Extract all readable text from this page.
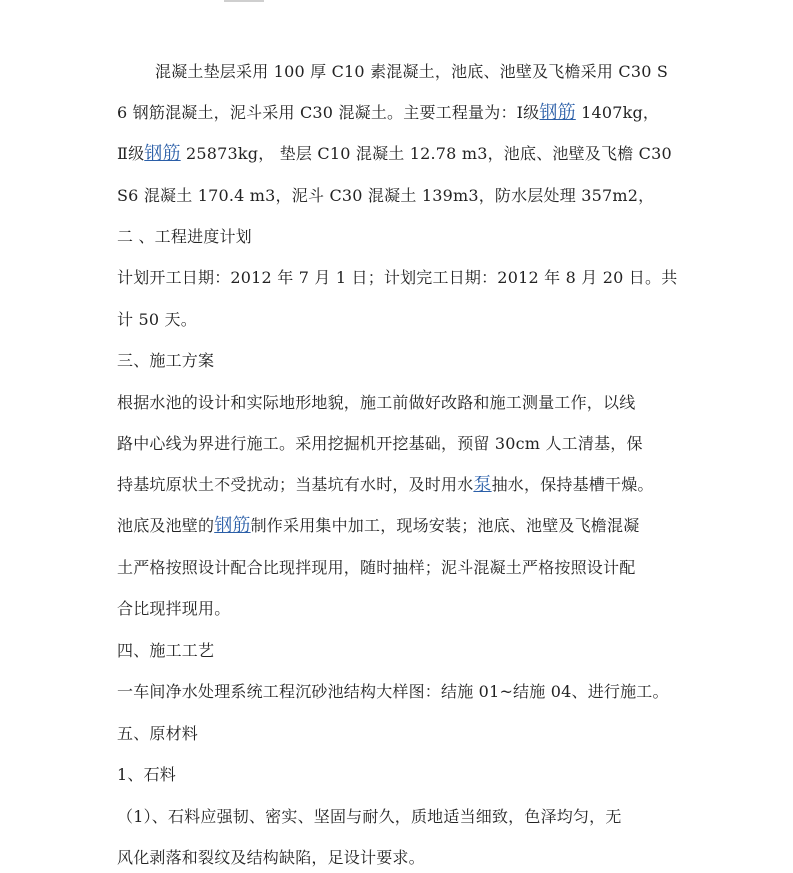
混凝土垫层采用 100 厚 C10 素混凝土，池底、池壁及飞檐采用 C30 S
6 钢筋混凝土，泥斗采用 C30 混凝土。主要工程量为：Ⅰ级钢筋 1407kg，
Ⅱ级钢筋 25873kg， 垫层 C10 混凝土 12.78 m3，池底、池壁及飞檐 C30
S6 混凝土 170.4 m3，泥斗 C30 混凝土 139m3，防水层处理 357m2，
二 、工程进度计划
计划开工日期：2012 年 7 月 1 日；计划完工日期：2012 年 8 月 20 日。共
计 50 天。
三、施工方案
根据水池的设计和实际地形地貌，施工前做好改路和施工测量工作，以线
路中心线为界进行施工。采用挖掘机开挖基础，预留 30cm 人工清基，保
持基坑原状土不受扰动；当基坑有水时，及时用水泵抽水，保持基槽干燥。
池底及池壁的钢筋制作采用集中加工，现场安装；池底、池壁及飞檐混凝
土严格按照设计配合比现拌现用，随时抽样；泥斗混凝土严格按照设计配
合比现拌现用。
四、施工工艺
一车间净水处理系统工程沉砂池结构大样图：结施 01~结施 04、进行施工。
五、原材料
1、石料
（1）、石料应强韧、密实、坚固与耐久，质地适当细致，色泽均匀，无
风化剥落和裂纹及结构缺陷，足设计要求。
